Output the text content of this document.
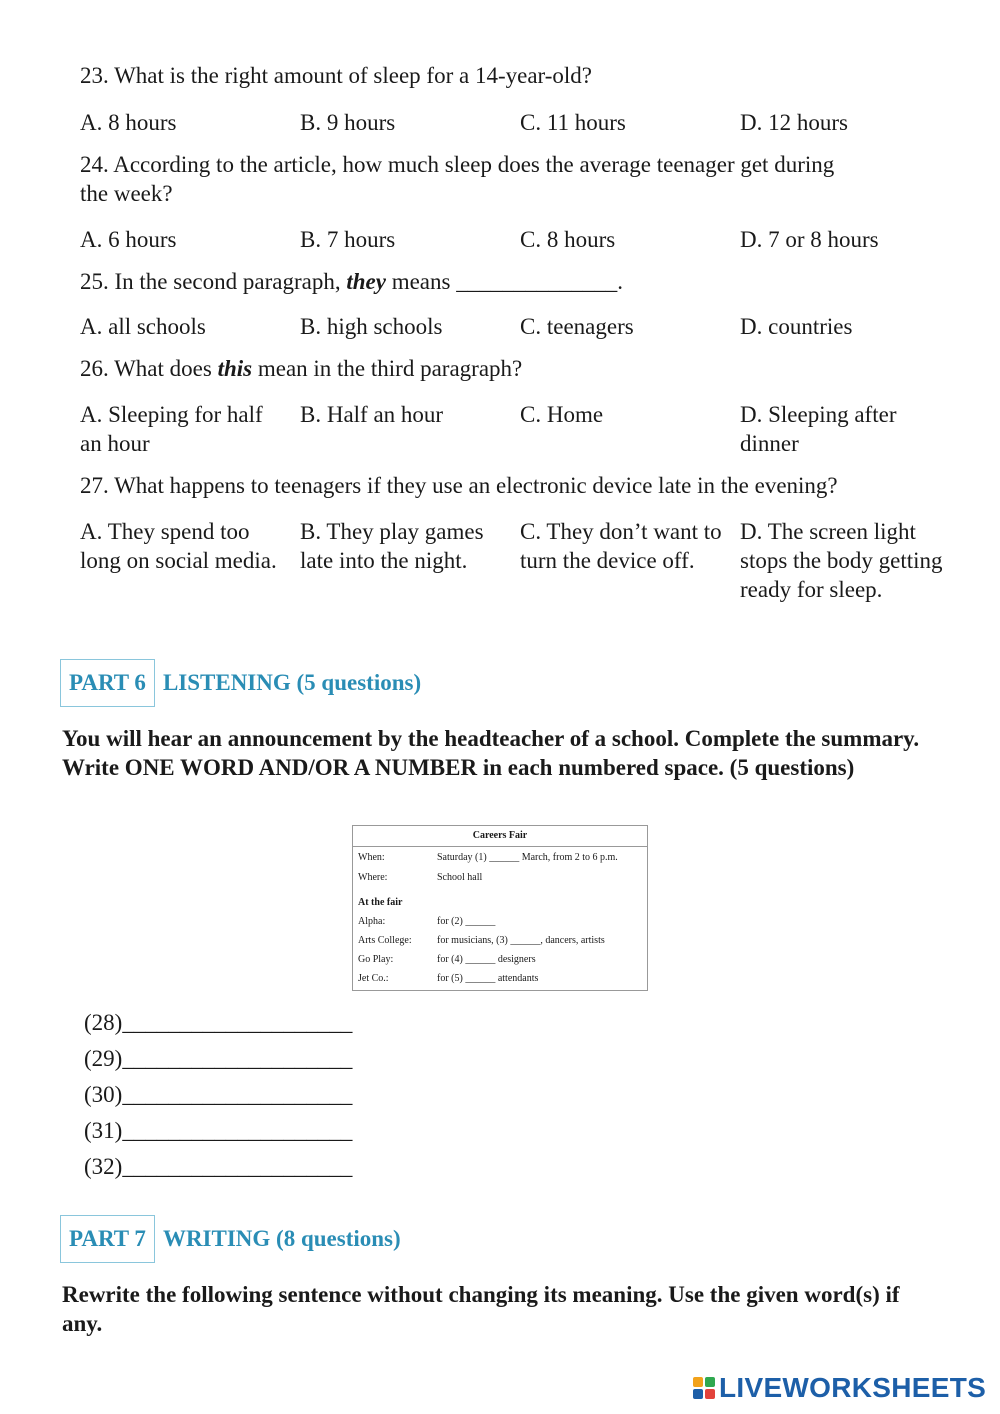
23. What is the right amount of sleep for a 14-year-old?
A. 8 hours	B. 9 hours	C. 11 hours	D. 12 hours
24. According to the article, how much sleep does the average teenager get during
the week?
A. 6 hours	B. 7 hours	C. 8 hours	D. 7 or 8 hours
25. In the second paragraph, they means ______________.
A. all schools	B. high schools	C. teenagers	D. countries
26. What does this mean in the third paragraph?
A. Sleeping for half an hour
B. Half an hour	C. Home	D. Sleeping after dinner
27. What happens to teenagers if they use an electronic device late in the evening?
A. They spend too long on social media.
B. They play games late into the night.
C. They don’t want to turn the device off.
D. The screen light stops the body getting ready for sleep.
PART 6 LISTENING (5 questions)
You will hear an announcement by the headteacher of a school. Complete the summary. Write ONE WORD AND/OR A NUMBER in each numbered space. (5 questions)
Careers Fair
When:	Saturday (1) ______ March, from 2 to 6 p.m.
Where:	School hall
At the fair
Alpha:	for (2) ______
Arts College:	for musicians, (3) ______, dancers, artists
Go Play:	for (4) ______ designers
Jet Co.:	for (5) ______ attendants
(28)____________________
(29)____________________
(30)____________________
(31)____________________
(32)____________________
PART 7 WRITING (8 questions)
Rewrite the following sentence without changing its meaning. Use the given word(s) if any.
LIVEWORKSHEETS
